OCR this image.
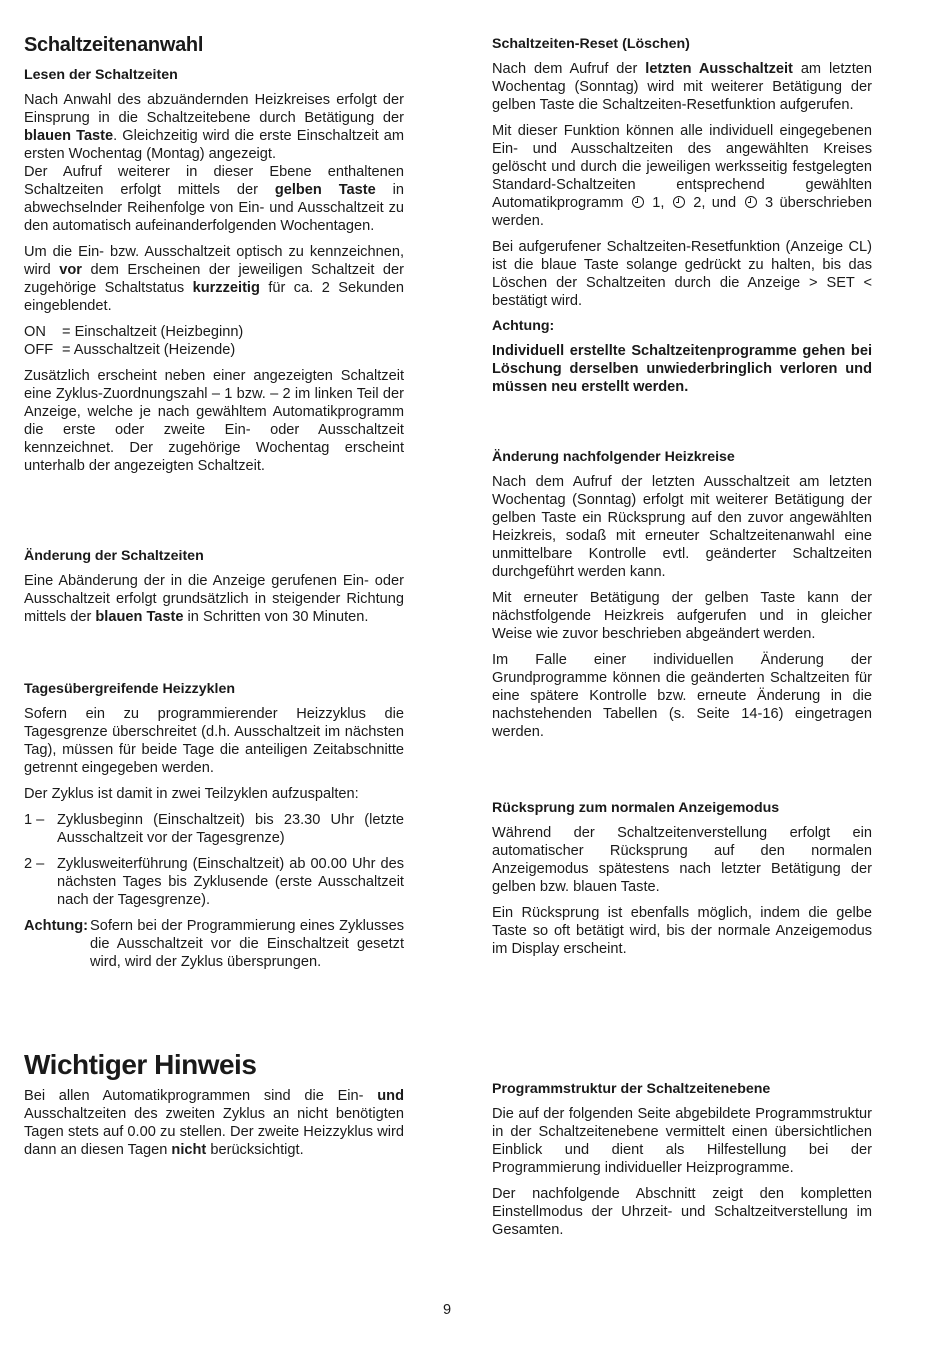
Schaltzeitenanwahl
Lesen der Schaltzeiten

Nach Anwahl des abzuändernden Heizkreises erfolgt der Einsprung in die Schaltzeitebene durch Betätigung der blauen Taste. Gleichzeitig wird die erste Einschaltzeit am ersten Wochentag (Montag) angezeigt.

Der Aufruf weiterer in dieser Ebene enthaltenen Schaltzeiten erfolgt mittels der gelben Taste in abwechselnder Reihenfolge von Ein- und Ausschaltzeit zu den automatisch aufeinanderfolgenden Wochentagen.

Um die Ein- bzw. Ausschaltzeit optisch zu kennzeichnen, wird vor dem Erscheinen der jeweiligen Schaltzeit der zugehörige Schaltstatus kurzzeitig für ca. 2 Sekunden eingeblendet.

ON	= Einschaltzeit (Heizbeginn)
OFF = Ausschaltzeit (Heizende)

Zusätzlich erscheint neben einer angezeigten Schaltzeit eine Zyklus-Zuordnungszahl – 1 bzw. – 2 im linken Teil der Anzeige, welche je nach gewähltem Automatikprogramm die erste oder zweite Ein- oder Ausschaltzeit kennzeichnet. Der zugehörige Wochentag erscheint unterhalb der angezeigten Schaltzeit.

Änderung der Schaltzeiten

Eine Abänderung der in die Anzeige gerufenen Ein- oder Ausschaltzeit erfolgt grundsätzlich in steigender Richtung mittels der blauen Taste in Schritten von 30 Minuten.

Tagesübergreifende Heizzyklen

Sofern ein zu programmierender Heizzyklus die Tagesgrenze überschreitet (d.h. Ausschaltzeit im nächsten Tag), müssen für beide Tage die anteiligen Zeitabschnitte getrennt eingegeben werden.

Der Zyklus ist damit in zwei Teilzyklen aufzuspalten:

1 – Zyklusbeginn (Einschaltzeit) bis 23.30 Uhr (letzte Ausschaltzeit vor der Tagesgrenze)
2 – Zyklusweiterführung (Einschaltzeit) ab 00.00 Uhr des nächsten Tages bis Zyklusende (erste Ausschaltzeit nach der Tagesgrenze).
Achtung: Sofern bei der Programmierung eines Zyklusses die Ausschaltzeit vor die Einschaltzeit gesetzt wird, wird der Zyklus übersprungen.
Wichtiger Hinweis

Bei allen Automatikprogrammen sind die Ein- und Ausschaltzeiten des zweiten Zyklus an nicht benötigten Tagen stets auf 0.00 zu stellen. Der zweite Heizzyklus wird dann an diesen Tagen nicht berücksichtigt.

Schaltzeiten-Reset (Löschen)

Nach dem Aufruf der letzten Ausschaltzeit am letzten Wochentag (Sonntag) wird mit weiterer Betätigung der gelben Taste die Schaltzeiten-Resetfunktion aufgerufen.

Mit dieser Funktion können alle individuell eingegebenen Ein- und Ausschaltzeiten des angewählten Kreises gelöscht und durch die jeweiligen werksseitig festgelegten Standard-Schaltzeiten entsprechend gewählten Automatikprogramm  1,  2, und  3 überschrieben werden.

Bei aufgerufener Schaltzeiten-Resetfunktion (Anzeige CL) ist die blaue Taste solange gedrückt zu halten, bis das Löschen der Schaltzeiten durch die Anzeige > SET < bestätigt wird.

Achtung:

Individuell erstellte Schaltzeitenprogramme gehen bei Löschung derselben unwiederbringlich verloren und müssen neu erstellt werden.

Änderung nachfolgender Heizkreise

Nach dem Aufruf der letzten Ausschaltzeit am letzten Wochentag (Sonntag) erfolgt mit weiterer Betätigung der gelben Taste ein Rücksprung auf den zuvor angewählten Heizkreis, sodaß mit erneuter Schaltzeitenanwahl eine unmittelbare Kontrolle evtl. geänderter Schaltzeiten durchgeführt werden kann.

Mit erneuter Betätigung der gelben Taste kann der nächstfolgende Heizkreis aufgerufen und in gleicher Weise wie zuvor beschrieben abgeändert werden.

Im Falle einer individuellen Änderung der Grundprogramme können die geänderten Schaltzeiten für eine spätere Kontrolle bzw. erneute Änderung in die nachstehenden Tabellen (s. Seite 14-16) eingetragen werden.

Rücksprung zum normalen Anzeigemodus

Während der Schaltzeitenverstellung erfolgt ein automatischer Rücksprung auf den normalen Anzeigemodus spätestens nach letzter Betätigung der gelben bzw. blauen Taste.

Ein Rücksprung ist ebenfalls möglich, indem die gelbe Taste so oft betätigt wird, bis der normale Anzeigemodus im Display erscheint.

Programmstruktur der Schaltzeitenebene

Die auf der folgenden Seite abgebildete Programmstruktur in der Schaltzeitenebene vermittelt einen übersichtlichen Einblick und dient als Hilfestellung bei der Programmierung individueller Heizprogramme.

Der nachfolgende Abschnitt zeigt den kompletten Einstellmodus der Uhrzeit- und Schaltzeitverstellung im Gesamten.

9
